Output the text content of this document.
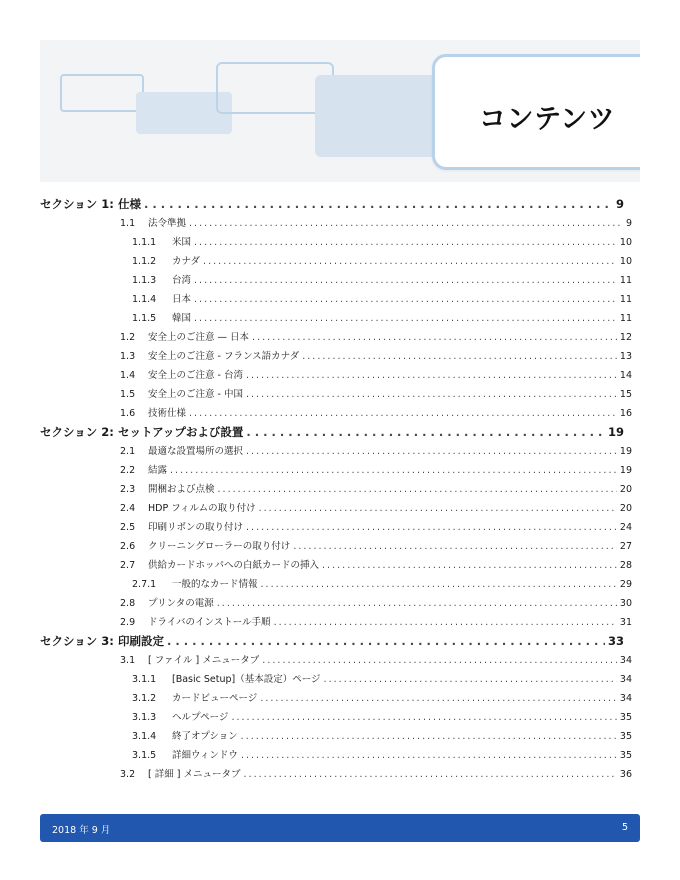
コンテンツ
セクション 1: 仕様 . . .	9
1.1	法令準拠 . . .	9
1.1.1	米国 . . .	10
1.1.2	カナダ . . .	10
1.1.3	台湾 . . .	11
1.1.4	日本 . . .	11
1.1.5	韓国 . . .	11
1.2	安全上のご注意 — 日本 . . .	12
1.3	安全上のご注意 - フランス語カナダ . . .	13
1.4	安全上のご注意 - 台湾 . . .	14
1.5	安全上のご注意 - 中国 . . .	15
1.6	技術仕様 . . .	16
セクション 2: セットアップおよび設置 . . .	19
2.1	最適な設置場所の選択 . . .	19
2.2	結露 . . .	19
2.3	開梱および点検 . . .	20
2.4	HDP フィルムの取り付け . . .	20
2.5	印刷リボンの取り付け . . .	24
2.6	クリーニングローラーの取り付け . . .	27
2.7	供給カードホッパへの白紙カードの挿入 . . .	28
2.7.1	一般的なカード情報 . . .	29
2.8	プリンタの電源 . . .	30
2.9	ドライバのインストール手順 . . .	31
セクション 3: 印刷設定 . . .	33
3.1	[ ファイル ] メニュータブ . . .	34
3.1.1	[Basic Setup]（基本設定）ページ . . .	34
3.1.2	カードビューページ . . .	34
3.1.3	ヘルプページ . . .	35
3.1.4	終了オプション . . .	35
3.1.5	詳細ウィンドウ . . .	35
3.2	[ 詳細 ] メニュータブ . . .	36
2018 年 9 月	5
